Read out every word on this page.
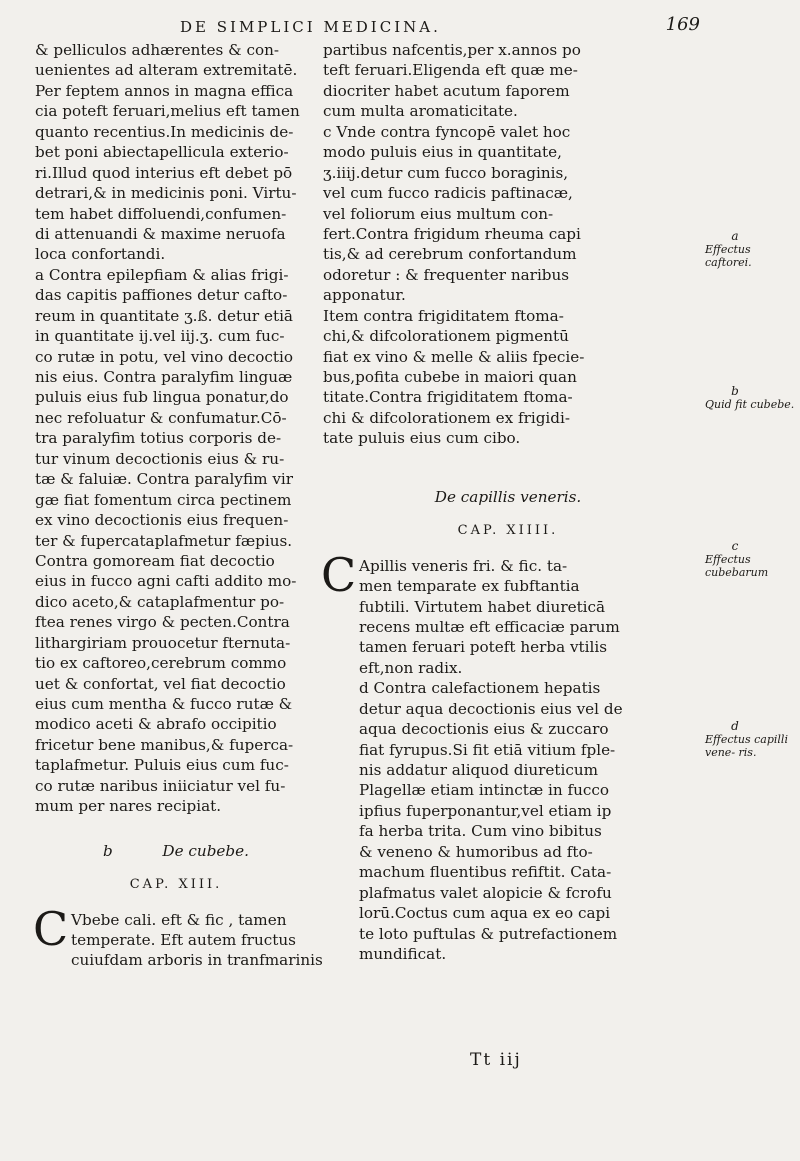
DE SIMPLICI MEDICINA.	169
& pelliculos adhærentes & con-
uenientes ad alteram extremitatē.
Per feptem annos in magna effica
cia poteft feruari,melius eft tamen
quanto recentius.In medicinis de-
bet poni abiectapellicula exterio-
ri.Illud quod interius eft debet pō
detrari,& in medicinis poni. Virtu-
tem habet diffoluendi,confumen-
di attenuandi & maxime neruofa
loca confortandi.
a Contra epilepfiam & alias frigi-
das capitis paffiones detur cafto-
reum in quantitate ʒ.ß. detur etiā
in quantitate ij.vel iij.ʒ. cum fuc-
co rutæ in potu, vel vino decoctio
nis eius. Contra paralyfim linguæ
puluis eius fub lingua ponatur,do
nec refoluatur & confumatur.Cō-
tra paralyfim totius corporis de-
tur vinum decoctionis eius & ru-
tæ & faluiæ. Contra paralyfim vir
gæ fiat fomentum circa pectinem
ex vino decoctionis eius frequen-
ter & fupercataplafmetur fæpius.
Contra gomoream fiat decoctio
eius in fucco agni cafti addito mo-
dico aceto,& cataplafmentur po-
ftea renes virgo & pecten.Contra
lithargiriam prouocetur fternuta-
tio ex caftoreo,cerebrum commo
uet & confortat, vel fiat decoctio
eius cum mentha & fucco rutæ &
modico aceti & abrafo occipitio
fricetur bene manibus,& fuperca-
taplafmetur. Puluis eius cum fuc-
co rutæ naribus iniiciatur vel fu-
mum per nares recipiat.
b	De cubebe.
CAP. XIII.
C Vbebe cali. eft & fic , tamen
temperate. Eft autem fructus
cuiufdam arboris in tranfmarinis
partibus nafcentis,per x.annos po
teft feruari.Eligenda eft quæ me-
diocriter habet acutum faporem
cum multa aromaticitate.
c Vnde contra fyncopē valet hoc
modo puluis eius in quantitate,
ʒ.iiij.detur cum fucco boraginis,
vel cum fucco radicis paftinacæ,
vel foliorum eius multum con-
fert.Contra frigidum rheuma capi
tis,& ad cerebrum confortandum
odoretur : & frequenter naribus
apponatur.
Item contra frigiditatem ftoma-
chi,& difcolorationem pigmentū
fiat ex vino & melle & aliis fpecie-
bus,pofita cubebe in maiori quan
titate.Contra frigiditatem ftoma-
chi & difcolorationem ex frigidi-
tate puluis eius cum cibo.
De capillis veneris.
CAP. XIIII.
C Apillis veneris fri. & fic. ta-
men temparate ex fubftantia
fubtili. Virtutem habet diureticā
recens multæ eft efficaciæ parum
tamen feruari poteft herba vtilis
eft,non radix.
d Contra calefactionem hepatis
detur aqua decoctionis eius vel de
aqua decoctionis eius & zuccaro
fiat fyrupus.Si fit etiā vitium fple-
nis addatur aliquod diureticum
Plagellæ etiam intinctæ in fucco
ipfius fuperponantur,vel etiam ip
fa herba trita. Cum vino bibitus
& veneno & humoribus ad fto-
machum fluentibus refiftit. Cata-
plafmatus valet alopicie & fcrofu
lorū.Coctus cum aqua ex eo capi
te loto puftulas & putrefactionem
mundificat.
a
Effectus caftorei.
b
Quid fit cubebe.
c
Effectus cubebarum
d
Effectus capilli vene- ris.
Tt iij
